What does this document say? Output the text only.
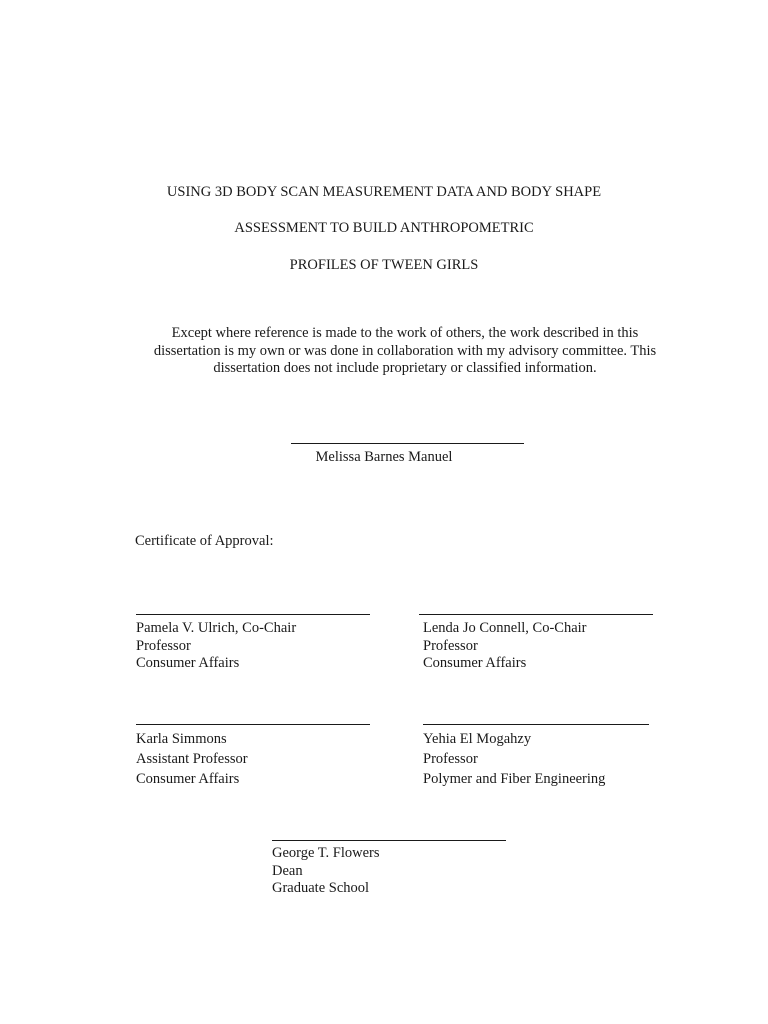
USING 3D BODY SCAN MEASUREMENT DATA AND BODY SHAPE
ASSESSMENT TO BUILD ANTHROPOMETRIC
PROFILES OF TWEEN GIRLS
Except where reference is made to the work of others, the work described in this
dissertation is my own or was done in collaboration with my advisory committee. This
dissertation does not include proprietary or classified information.
Melissa Barnes Manuel
Certificate of Approval:
Pamela V. Ulrich, Co-Chair
Professor
Consumer Affairs
Lenda Jo Connell, Co-Chair
Professor
Consumer Affairs
Karla Simmons
Assistant Professor
Consumer Affairs
Yehia El Mogahzy
Professor
Polymer and Fiber Engineering
George T. Flowers
Dean
Graduate School
